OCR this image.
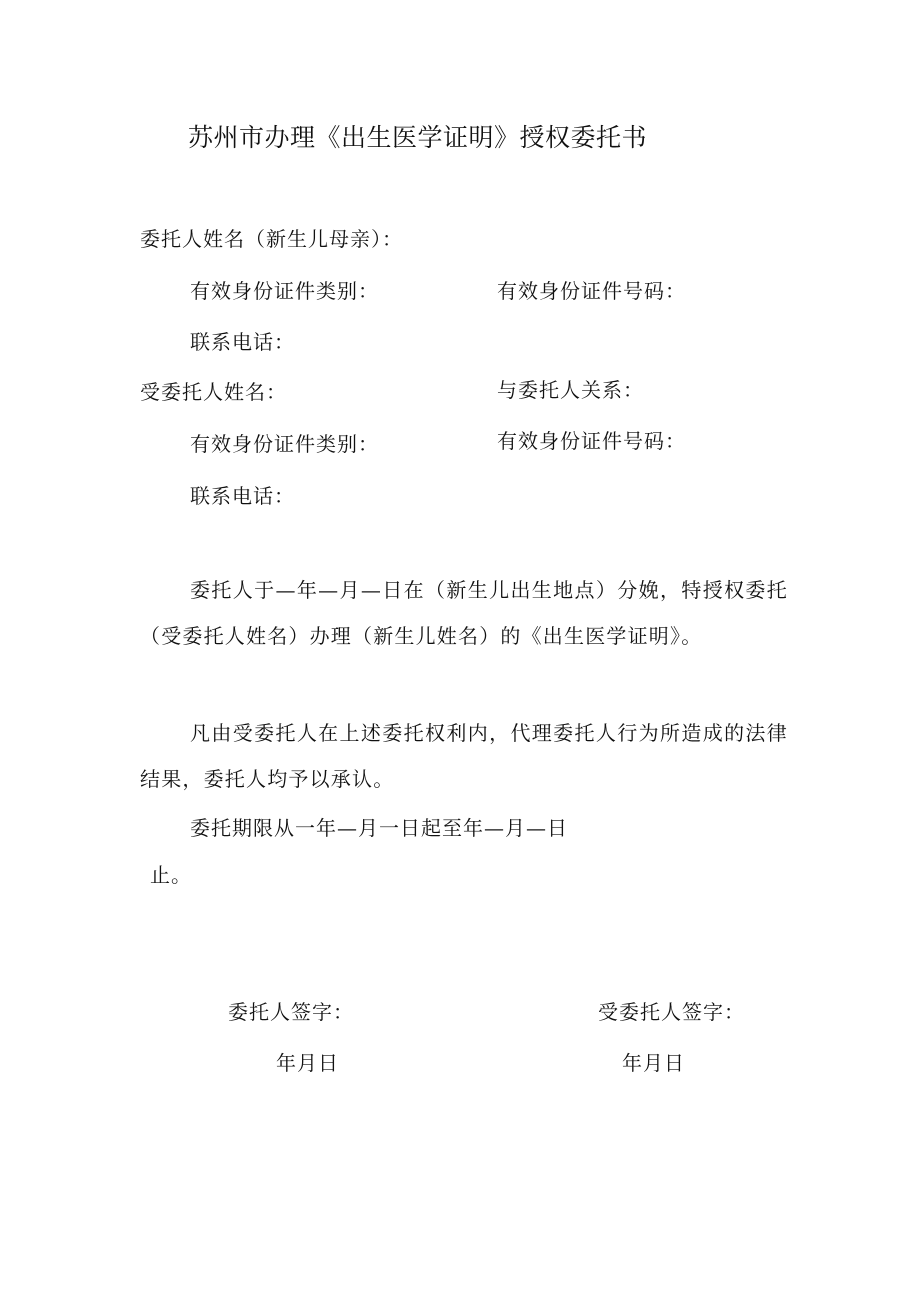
苏州市办理《出生医学证明》授权委托书
委托人姓名（新生儿母亲）：
有效身份证件类别：	有效身份证件号码：
联系电话：
受委托人姓名：	与委托人关系：
有效身份证件类别：	有效身份证件号码：
联系电话：
委托人于—年—月—日在（新生儿出生地点）分娩，特授权委托（受委托人姓名）办理（新生儿姓名）的《出生医学证明》。
凡由受委托人在上述委托权利内，代理委托人行为所造成的法律结果，委托人均予以承认。
委托期限从一年—月一日起至年—月—日
止。
委托人签字：	受委托人签字：
年月日	年月日
